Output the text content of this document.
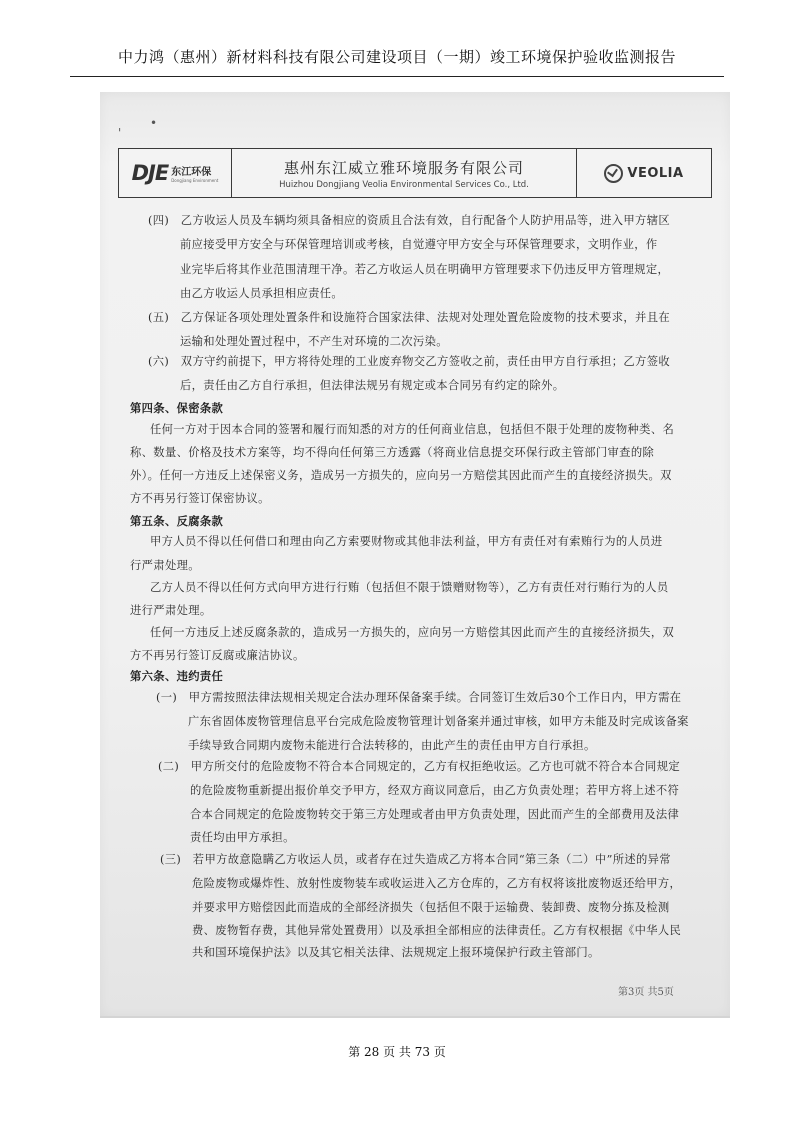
中力鸿（惠州）新材料科技有限公司建设项目（一期）竣工环境保护验收监测报告
'
•
DJE 东江环保
Dongjiang Environment
惠州东江威立雅环境服务有限公司
Huizhou Dongjiang Veolia Environmental Services Co., Ltd.
VEOLIA
(四)　乙方收运人员及车辆均须具备相应的资质且合法有效，自行配备个人防护用品等，进入甲方辖区
前应接受甲方安全与环保管理培训或考核，自觉遵守甲方安全与环保管理要求，文明作业，作
业完毕后将其作业范围清理干净。若乙方收运人员在明确甲方管理要求下仍违反甲方管理规定，
由乙方收运人员承担相应责任。
(五)　乙方保证各项处理处置条件和设施符合国家法律、法规对处理处置危险废物的技术要求，并且在
运输和处理处置过程中，不产生对环境的二次污染。
(六)　双方守约前提下，甲方将待处理的工业废弃物交乙方签收之前，责任由甲方自行承担；乙方签收
后，责任由乙方自行承担，但法律法规另有规定或本合同另有约定的除外。
第四条、保密条款
任何一方对于因本合同的签署和履行而知悉的对方的任何商业信息，包括但不限于处理的废物种类、名
称、数量、价格及技术方案等，均不得向任何第三方透露（将商业信息提交环保行政主管部门审查的除
外）。任何一方违反上述保密义务，造成另一方损失的，应向另一方赔偿其因此而产生的直接经济损失。双
方不再另行签订保密协议。
第五条、反腐条款
甲方人员不得以任何借口和理由向乙方索要财物或其他非法利益，甲方有责任对有索贿行为的人员进
行严肃处理。
乙方人员不得以任何方式向甲方进行行贿（包括但不限于馈赠财物等），乙方有责任对行贿行为的人员
进行严肃处理。
任何一方违反上述反腐条款的，造成另一方损失的，应向另一方赔偿其因此而产生的直接经济损失，双
方不再另行签订反腐或廉洁协议。
第六条、违约责任
(一)　甲方需按照法律法规相关规定合法办理环保备案手续。合同签订生效后30个工作日内，甲方需在
广东省固体废物管理信息平台完成危险废物管理计划备案并通过审核，如甲方未能及时完成该备案
手续导致合同期内废物未能进行合法转移的，由此产生的责任由甲方自行承担。
(二)　甲方所交付的危险废物不符合本合同规定的，乙方有权拒绝收运。乙方也可就不符合本合同规定
的危险废物重新提出报价单交予甲方，经双方商议同意后，由乙方负责处理；若甲方将上述不符
合本合同规定的危险废物转交于第三方处理或者由甲方负责处理，因此而产生的全部费用及法律
责任均由甲方承担。
(三)　若甲方故意隐瞒乙方收运人员，或者存在过失造成乙方将本合同“第三条（二）中”所述的异常
危险废物或爆炸性、放射性废物装车或收运进入乙方仓库的，乙方有权将该批废物返还给甲方，
并要求甲方赔偿因此而造成的全部经济损失（包括但不限于运输费、装卸费、废物分拣及检测
费、废物暂存费，其他异常处置费用）以及承担全部相应的法律责任。乙方有权根据《中华人民
共和国环境保护法》以及其它相关法律、法规规定上报环境保护行政主管部门。
第3页 共5页
第 28 页 共 73 页
